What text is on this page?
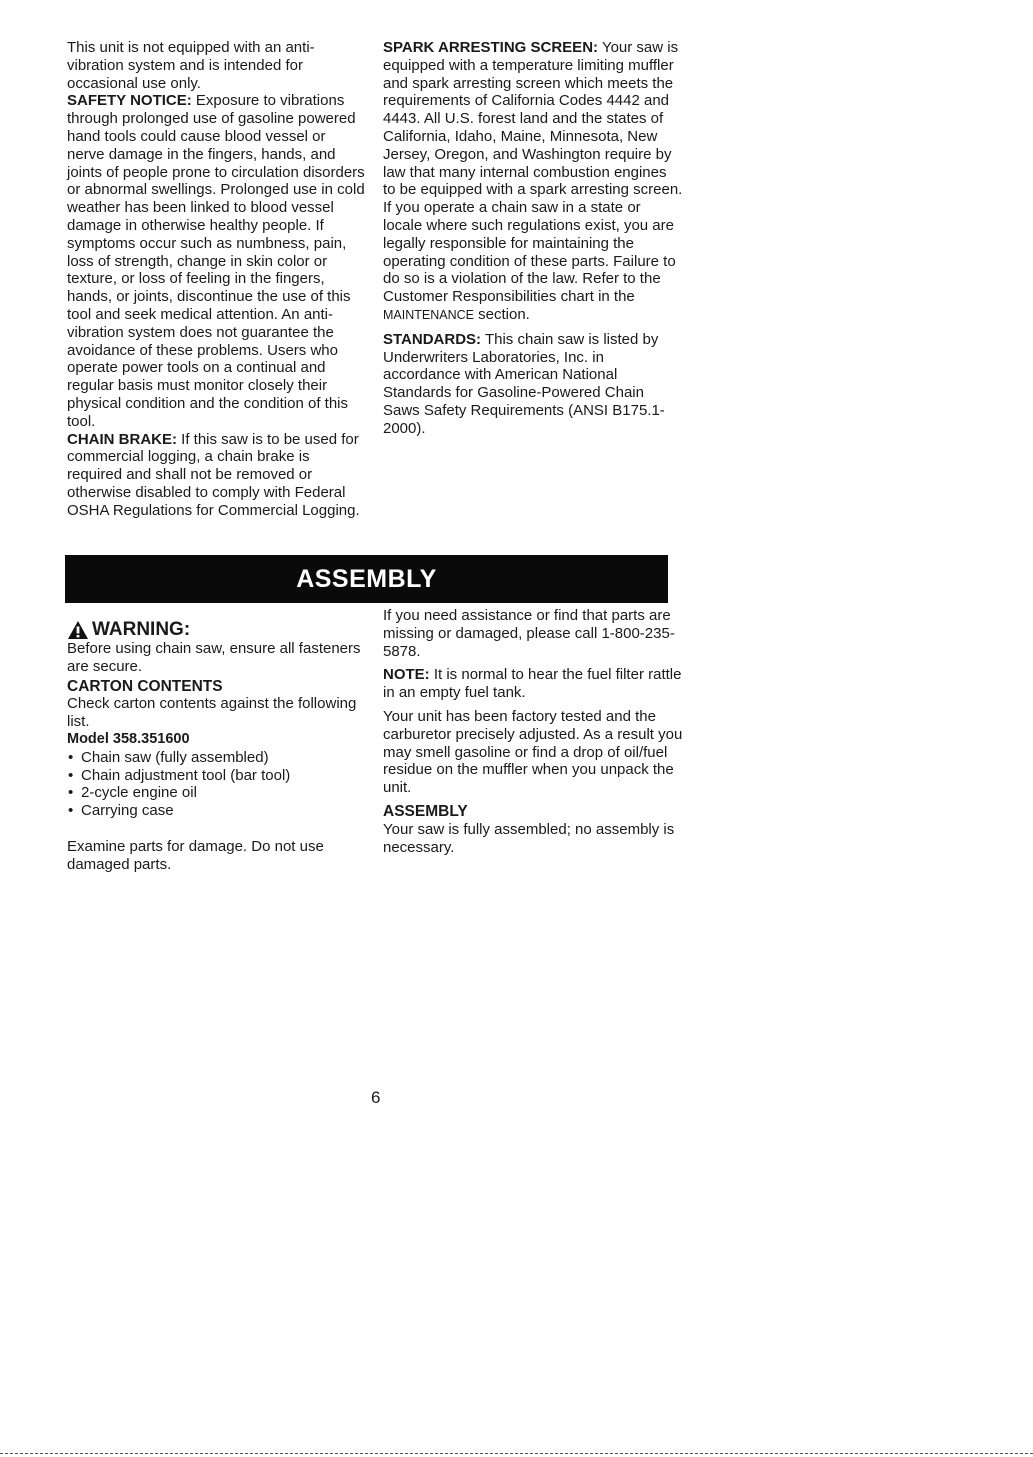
This unit is not equipped with an anti-vibration system and is intended for occasional use only.

SAFETY NOTICE: Exposure to vibrations through prolonged use of gasoline powered hand tools could cause blood vessel or nerve damage in the fingers, hands, and joints of people prone to circulation disorders or abnormal swellings. Prolonged use in cold weather has been linked to blood vessel damage in otherwise healthy people. If symptoms occur such as numbness, pain, loss of strength, change in skin color or texture, or loss of feeling in the fingers, hands, or joints, discontinue the use of this tool and seek medical attention. An anti-vibration system does not guarantee the avoidance of these problems. Users who operate power tools on a continual and regular basis must monitor closely their physical condition and the condition of this tool.

CHAIN BRAKE: If this saw is to be used for commercial logging, a chain brake is required and shall not be removed or otherwise disabled to comply with Federal OSHA Regulations for Commercial Logging.

SPARK ARRESTING SCREEN: Your saw is equipped with a temperature limiting muffler and spark arresting screen which meets the requirements of California Codes 4442 and 4443. All U.S. forest land and the states of California, Idaho, Maine, Minnesota, New Jersey, Oregon, and Washington require by law that many internal combustion engines to be equipped with a spark arresting screen. If you operate a chain saw in a state or locale where such regulations exist, you are legally responsible for maintaining the operating condition of these parts. Failure to do so is a violation of the law. Refer to the Customer Responsibilities chart in the MAINTENANCE section.

STANDARDS: This chain saw is listed by Underwriters Laboratories, Inc. in accordance with American National Standards for Gasoline-Powered Chain Saws Safety Requirements (ANSI B175.1-2000).

ASSEMBLY

WARNING:

Before using chain saw, ensure all fasteners are secure.

CARTON CONTENTS

Check carton contents against the following list.

Model 358.351600

• Chain saw (fully assembled)
• Chain adjustment tool (bar tool)
• 2-cycle engine oil
• Carrying case

Examine parts for damage. Do not use damaged parts.

If you need assistance or find that parts are missing or damaged, please call 1-800-235-5878.

NOTE: It is normal to hear the fuel filter rattle in an empty fuel tank.

Your unit has been factory tested and the carburetor precisely adjusted. As a result you may smell gasoline or find a drop of oil/fuel residue on the muffler when you unpack the unit.

ASSEMBLY

Your saw is fully assembled; no assembly is necessary.

6
